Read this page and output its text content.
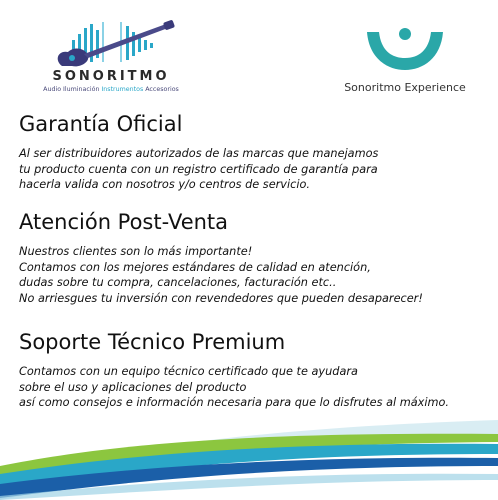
SONORITMO
Audio Iluminación Instrumentos Accesorios	Sonoritmo Experience
Garantía Oficial

Al ser distribuidores autorizados de las marcas que manejamos
tu producto cuenta con un registro certificado de garantía para
hacerla valida con nosotros y/o centros de servicio.

Atención Post-Venta

Nuestros clientes son lo más importante!
Contamos con los mejores estándares de calidad en atención,
dudas sobre tu compra, cancelaciones, facturación etc..
No arriesgues tu inversión con revendedores que pueden desaparecer!

Soporte Técnico Premium

Contamos con un equipo técnico certificado que te ayudara
sobre el uso y aplicaciones del producto
así como consejos e información necesaria para que lo disfrutes al máximo.
